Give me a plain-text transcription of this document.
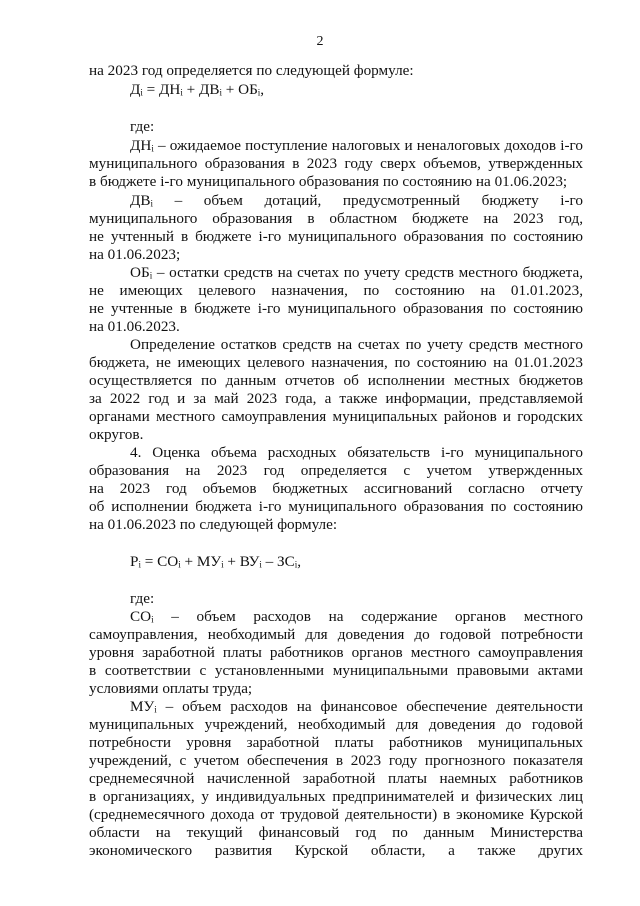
2
на 2023 год определяется по следующей формуле:
Дᵢ = ДНᵢ + ДВᵢ + ОБᵢ,
где:
ДНᵢ – ожидаемое поступление налоговых и неналоговых доходов i-го
муниципального образования в 2023 году сверх объемов, утвержденных
в бюджете i-го муниципального образования по состоянию на 01.06.2023;
ДВᵢ – объем дотаций, предусмотренный бюджету i-го
муниципального образования в областном бюджете на 2023 год,
не учтенный в бюджете i-го муниципального образования по состоянию
на 01.06.2023;
ОБᵢ – остатки средств на счетах по учету средств местного бюджета,
не имеющих целевого назначения, по состоянию на 01.01.2023,
не учтенные в бюджете i-го муниципального образования по состоянию
на 01.06.2023.
Определение остатков средств на счетах по учету средств местного
бюджета, не имеющих целевого назначения, по состоянию на 01.01.2023
осуществляется по данным отчетов об исполнении местных бюджетов
за 2022 год и за май 2023 года, а также информации, представляемой
органами местного самоуправления муниципальных районов и городских
округов.
4. Оценка объема расходных обязательств i-го муниципального
образования на 2023 год определяется с учетом утвержденных
на 2023 год объемов бюджетных ассигнований согласно отчету
об исполнении бюджета i-го муниципального образования по состоянию
на 01.06.2023 по следующей формуле:
Рᵢ = СОᵢ + МУᵢ + ВУᵢ – ЗСᵢ,
где:
СОᵢ – объем расходов на содержание органов местного
самоуправления, необходимый для доведения до годовой потребности
уровня заработной платы работников органов местного самоуправления
в соответствии с установленными муниципальными правовыми актами
условиями оплаты труда;
МУᵢ – объем расходов на финансовое обеспечение деятельности
муниципальных учреждений, необходимый для доведения до годовой
потребности уровня заработной платы работников муниципальных
учреждений, с учетом обеспечения в 2023 году прогнозного показателя
среднемесячной начисленной заработной платы наемных работников
в организациях, у индивидуальных предпринимателей и физических лиц
(среднемесячного дохода от трудовой деятельности) в экономике Курской
области на текущий финансовый год по данным Министерства
экономического развития Курской области, а также других
